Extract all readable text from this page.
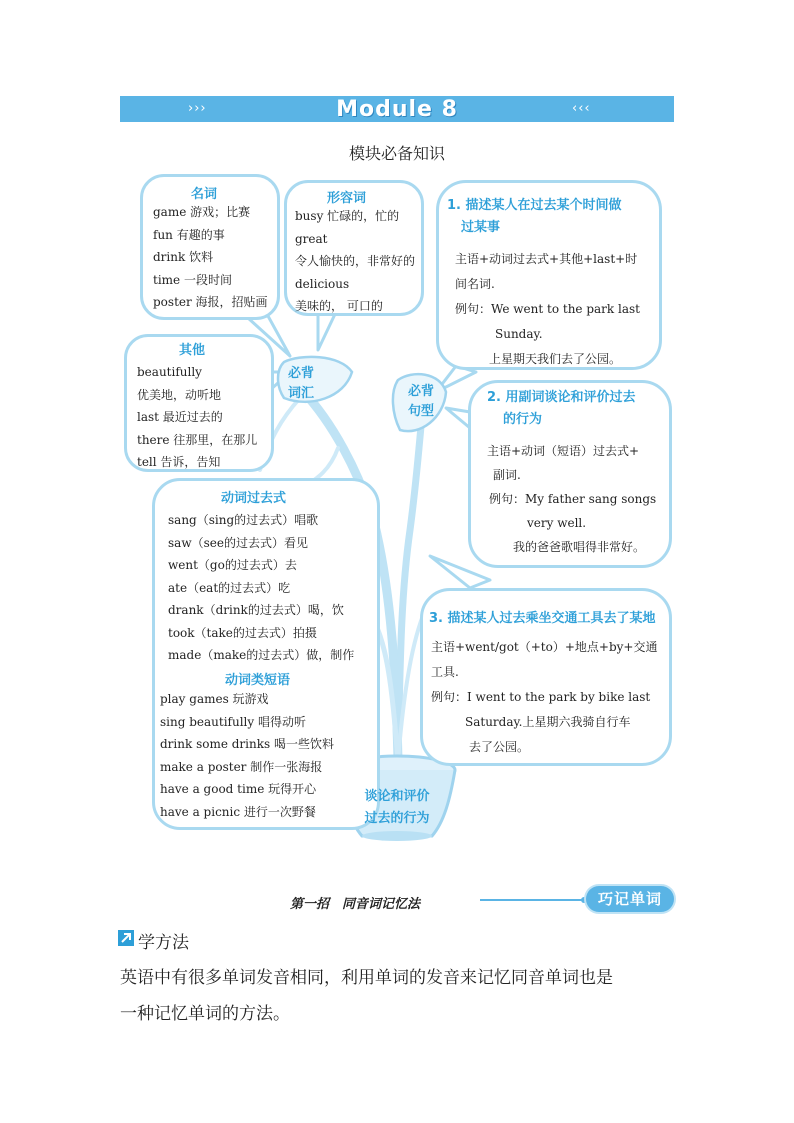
›››	Module 8	‹‹‹
模块必备知识
名词
game 游戏；比赛
fun 有趣的事
drink 饮料
time 一段时间
poster 海报，招贴画
形容词
busy 忙碌的，忙的
great
令人愉快的，非常好的
delicious
美味的， 可口的
其他
beautifully
优美地，动听地
last 最近过去的
there 往那里，在那儿
tell 告诉，告知
动词过去式
sang（sing的过去式）唱歌
saw（see的过去式）看见
went（go的过去式）去
ate（eat的过去式）吃
drank（drink的过去式）喝，饮
took（take的过去式）拍摄
made（make的过去式）做，制作
动词类短语
play games 玩游戏
sing beautifully 唱得动听
drink some drinks 喝一些饮料
make a poster 制作一张海报
have a good time 玩得开心
have a picnic 进行一次野餐
1. 描述某人在过去某个时间做
过某事
主语+动词过去式+其他+last+时
间名词.
例句：We went to the park last
Sunday.
上星期天我们去了公园。
2. 用副词谈论和评价过去
的行为
主语+动词（短语）过去式+
副词.
例句：My father sang songs
very well.
我的爸爸歌唱得非常好。
3. 描述某人过去乘坐交通工具去了某地
主语+went/got（+to）+地点+by+交通
工具.
例句：I went to the park by bike last
Saturday.上星期六我骑自行车
去了公园。
必背
词汇	必背
句型
谈论和评价
过去的行为
第一招　同音词记忆法	巧记单词
学方法
英语中有很多单词发音相同，利用单词的发音来记忆同音单词也是
一种记忆单词的方法。
